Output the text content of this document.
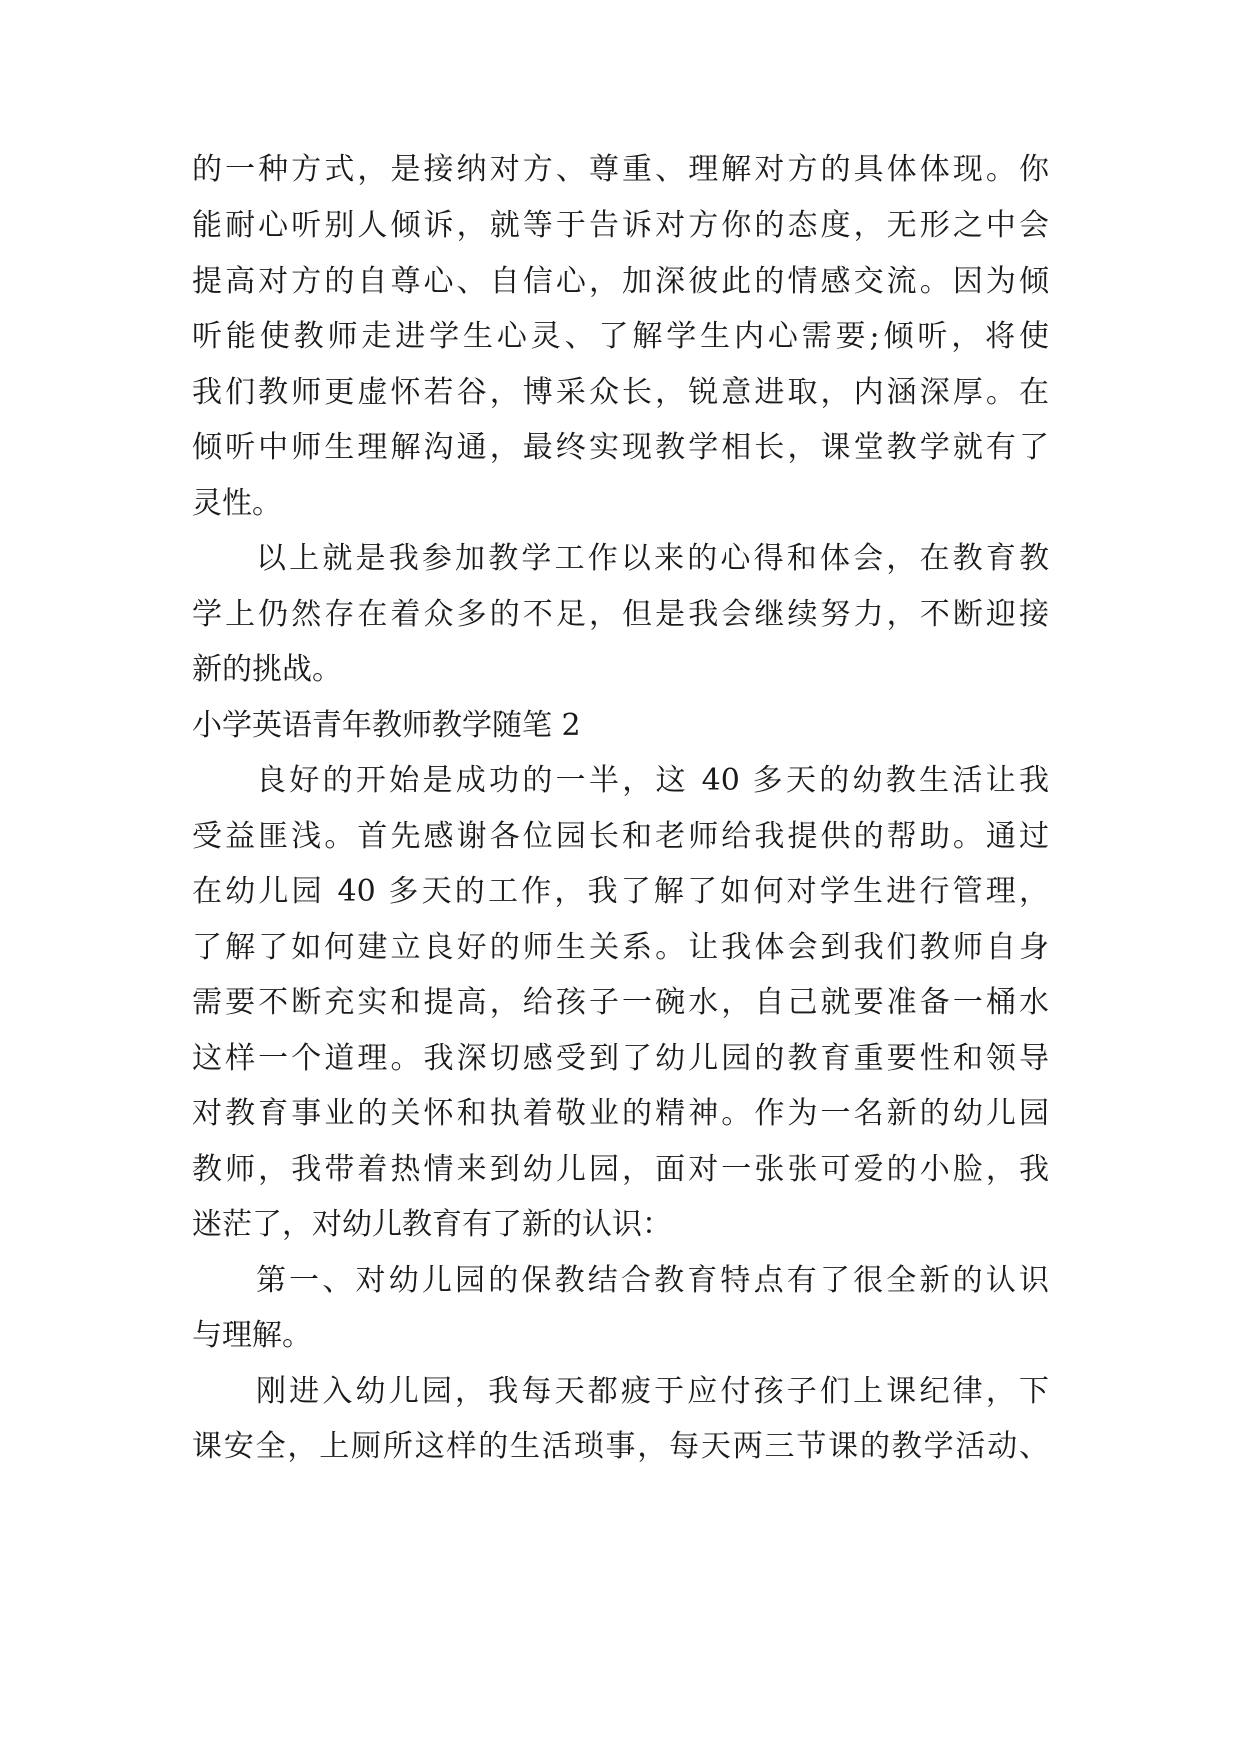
的一种方式，是接纳对方、尊重、理解对方的具体体现。你
能耐心听别人倾诉，就等于告诉对方你的态度，无形之中会
提高对方的自尊心、自信心，加深彼此的情感交流。因为倾
听能使教师走进学生心灵、了解学生内心需要;倾听，将使
我们教师更虚怀若谷，博采众长，锐意进取，内涵深厚。在
倾听中师生理解沟通，最终实现教学相长，课堂教学就有了
灵性。
以上就是我参加教学工作以来的心得和体会，在教育教
学上仍然存在着众多的不足，但是我会继续努力，不断迎接
新的挑战。
小学英语青年教师教学随笔 2
良好的开始是成功的一半，这 40 多天的幼教生活让我
受益匪浅。首先感谢各位园长和老师给我提供的帮助。通过
在幼儿园 40 多天的工作，我了解了如何对学生进行管理，
了解了如何建立良好的师生关系。让我体会到我们教师自身
需要不断充实和提高，给孩子一碗水，自己就要准备一桶水
这样一个道理。我深切感受到了幼儿园的教育重要性和领导
对教育事业的关怀和执着敬业的精神。作为一名新的幼儿园
教师，我带着热情来到幼儿园，面对一张张可爱的小脸，我
迷茫了，对幼儿教育有了新的认识：
第一、对幼儿园的保教结合教育特点有了很全新的认识
与理解。
刚进入幼儿园，我每天都疲于应付孩子们上课纪律，下
课安全，上厕所这样的生活琐事，每天两三节课的教学活动、
